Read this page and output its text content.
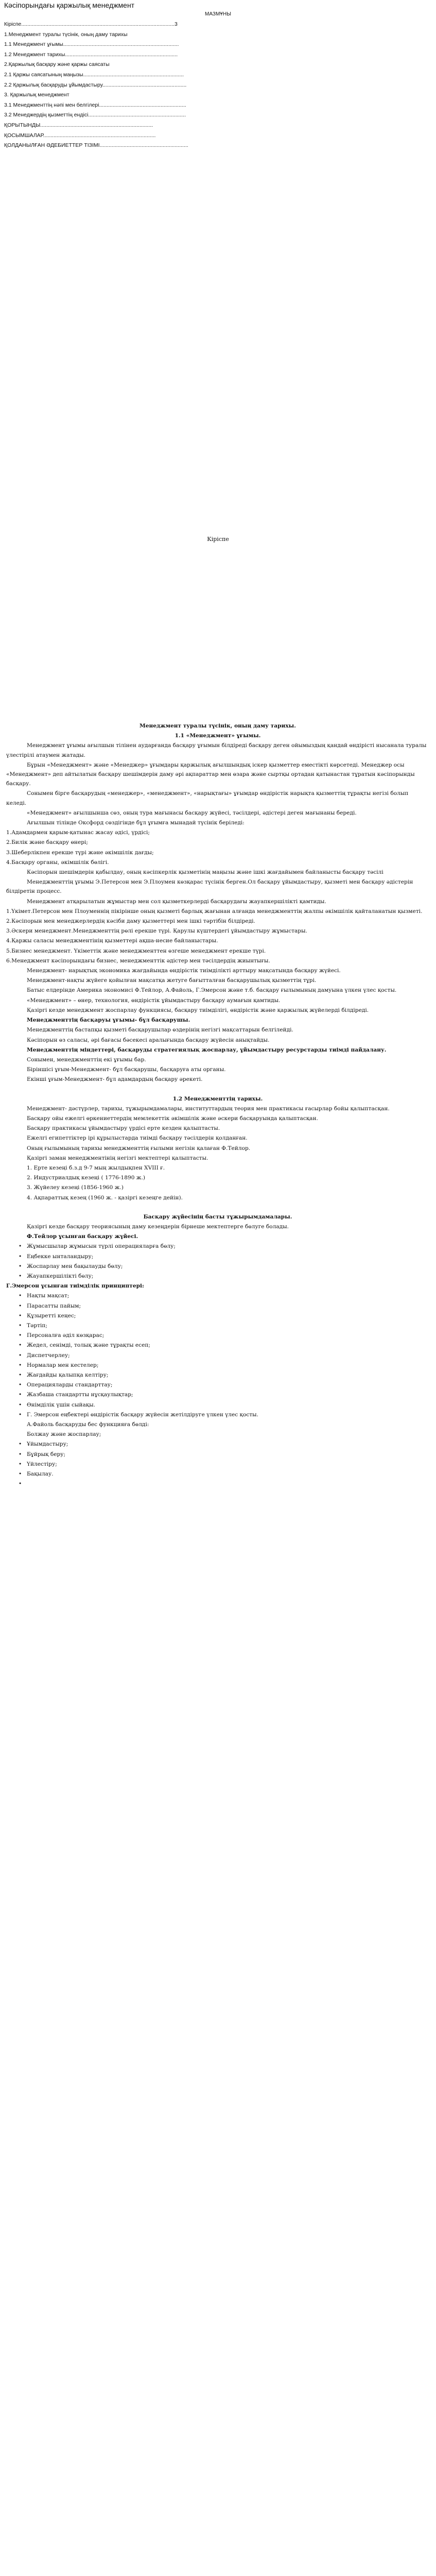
Кәсіпорындағы қаржылық менеджмент
МАЗМҰНЫ
Кіріспе......................................................................................................3
1.Менеджмент туралы түсінік, оның даму тарихы
1.1 Менеджмент ұғымы.............................................................................
1.2 Менеджмент тарихы...........................................................................
2.Қаржылық басқару және қаржы саясаты
2.1 Қаржы саясатының маңызы...................................................................
2.2 Қаржылық басқаруды ұйымдастыру........................................................
3. Қаржылық менеджмент
3.1 Менеджменттің нәпі мен белгілері..........................................................
3.2 Менеджердің қызметтің ендісі.................................................................
ҚОРЫТЫНДЫ...........................................................................
ҚОСЫМШАЛАР...........................................................................
ҚОЛДАНЫЛҒАН ӘДЕБИЕТТЕР ТІЗІМІ...........................................................
Кіріспе

Менеджмент туралы түсінік, оның даму тарихы.

1.1 «Менеджмент» ұғымы.

Менеджмент ұғымы ағылшын тілінен аударғанда басқару ұғымын білдіреді басқару деген ойымыздың қандай өндірісті нысанала туралы үлестірілі атаумен жатады.

Бұрын «Менеджмент» және «Менеджер» ұғымдары қаржылық ағылшындық іскер қызметтер еместікті көрсетеді. Менеджер осы «Менеджмент» деп айтылатын басқару шешімдерін даму әрі ақпараттар мен өзара және сыртқы ортадан қатынастан тұратын кәсіпорынды басқару.

Сонымен бірге басқарудың «менеджер», «менеджмент», «нарықтағы» ұғымдар өндірістік нарықта қызметтің тұрақты негізі болып келеді.

«Менеджмент» ағылшынша сөз, оның тура мағынасы басқару жүйесі, тәсілдері, әдістері деген мағынаны береді.

Ағылшын тілінде Оксфорд сөздігінде бұл ұғымға мынадай түсінік беріледі:

1.Адамдармен қарым-қатынас жасау әдісі, үрдісі;

2.Билік және басқару өнері;

3.Шеберлікпен ерекше түрі және әкімшілік дағды;

4.Басқару органы, әкімшілік бөлігі.

Кәсіпорын шешімдерін қабылдау, оның кәсіпкерлік қызметінің маңызы және ішкі жағдайымен байланысты басқару тәсілі

Менеджменттің ұғымы Э.Петерсон мен Э.Плоумен көзқарас түсінік берген.Ол басқару ұйымдастыру, қызметі мен басқару әдістерін білдіретін процесс.

Менеджмент атқарылатын жұмыстар мен сол қызметкерлерді басқарудағы жауапкершілікті қамтиды.

1.Үкімет.Петерсон мен Плоуменнің пікірінше оның қызметі барлық жағынан алғанда менеджменттің жалпы әкімшілік қайталанатын қызметі.

2.Кәсіпорын мен менеджерлердің кәсіби даму қызметтері мен ішкі тәртібін білдіреді.

3.Әскери менеджмент.Менеджменттің рөлі ерекше түрі. Қарулы күштердегі ұйымдастыру жұмыстары.

4.Қаржы саласы менеджментінің қызметтері ақша-несие байланыстары.

5.Бизнес менеджмент. Үкіметтік және менеджменттен өзгеше менеджмент ерекше түрі.

6.Менеджмент кәсіпорындағы бизнес, менеджменттік әдістер мен тәсілдердің жиынтығы.

Менеджмент- нарықтық экономика жағдайында өндірістік тиімділікті арттыру мақсатында басқару жүйесі.

Менеджмент-нақты жүйеге қойылған мақсатқа жетуге бағытталған басқарушылық қызметтің тұрі.

Батыс елдерінде Америка экономисі Ф.Тейлор, А.Файоль, Г.Эмерсон және т.б. басқару ғылымының дамуына үлкен үлес қосты.

«Менеджмент» – өнер, технология, өндірістік ұйымдастыру басқару аумағын қамтиды.

Қазіргі кезде менеджмент жоспарлау функциясы, басқару тиімділігі, өндірістік және қаржылық жүйелерді білдіреді.

Менеджменттің басқаруы ұғымы- бұл басқарушы.

Менеджменттің бастапқы қызметі басқарушылар өздерінің негізгі мақсаттарын белгілейді.

Кәсіпорын өз саласы, әрі бағасы бәсекесі аралығында басқару жүйесін анықтайды.

Менеджменттің міндеттері, басқаруды стратегиялық жоспарлау, ұйымдастыру ресурстарды тиімді пайдалану.

Сонымен, менеджменттің екі ұғымы бар.

Біріншісі ұғым-Менеджмент- бұл басқарушы, басқаруға аты органы.

Екінші ұғым-Менеджмент- бұл адамдардың басқару әрекеті.

1.2 Менеджменттің тарихы.

Менеджмент- дәстүрлер, тарихы, тұжырымдамалары, институттардың теория мен практикасы ғасырлар бойы қалыптасқан.

Басқару ойы ежелгі өркениеттердің мемлекеттік әкімшілік және әскери басқаруында қалыптасқан.

Басқару практикасы ұйымдастыру үрдісі ерте кезден қалыптасты.

Ежелгі египеттіктер ірі құрылыстарда тиімді басқару тәсілдерін қолданған.

Оның ғылымының тарихы менеджменттің ғылыми негізін қалаған Ф.Тейлор.

Қазіргі заман менеджментінің негізгі мектептері қалыптасты.

1. Ерте кезеңі б.з.д 9-7 мың жылдықпен XVIII ғ.

2. Индустриалдық кезеңі ( 1776-1890 ж.)

3. Жүйелеу кезеңі (1856-1960 ж.)

4. Ақпараттық кезең (1960 ж. - қазіргі кезеңге дейін).

Басқару жүйесінің басты тұжырымдамалары.

Қазіргі кезде басқару теориясының даму кезеңдерін бірнеше мектептерге бөлуге болады.

Ф.Тейлор ұсынған басқару жүйесі.

• Жұмысшылар жұмысын түрлі операцияларға бөлу;

• Еңбекке ынталандыру;

• Жоспарлау мен бақылауды бөлу;

• Жауапкершілікті бөлу;

Г.Эмерсон ұсынған тиімділік принциптері:

• Нақты мақсат;

• Парасатты пайым;

• Құзыретті кеңес;

• Тәртіп;

• Персоналға әділ көзқарас;

• Жедел, сенімді, толық және тұрақты есеп;

• Диспетчерлеу;

• Нормалар мен кестелер;

• Жағдайды қалыпқа келтіру;

• Операцияларды стандарттау;

• Жазбаша стандартты нұсқаулықтар;

• Өнімділік үшін сыйақы.

• Г. Эмерсон еңбектері өндірістік басқару жүйесін жетілдіруге үлкен үлес қосты.

А.Файоль басқаруды бес функцияға бөлді:

Болжау және жоспарлау;

• Ұйымдастыру;

• Бұйрық беру;

• Үйлестіру;

• Бақылау.
